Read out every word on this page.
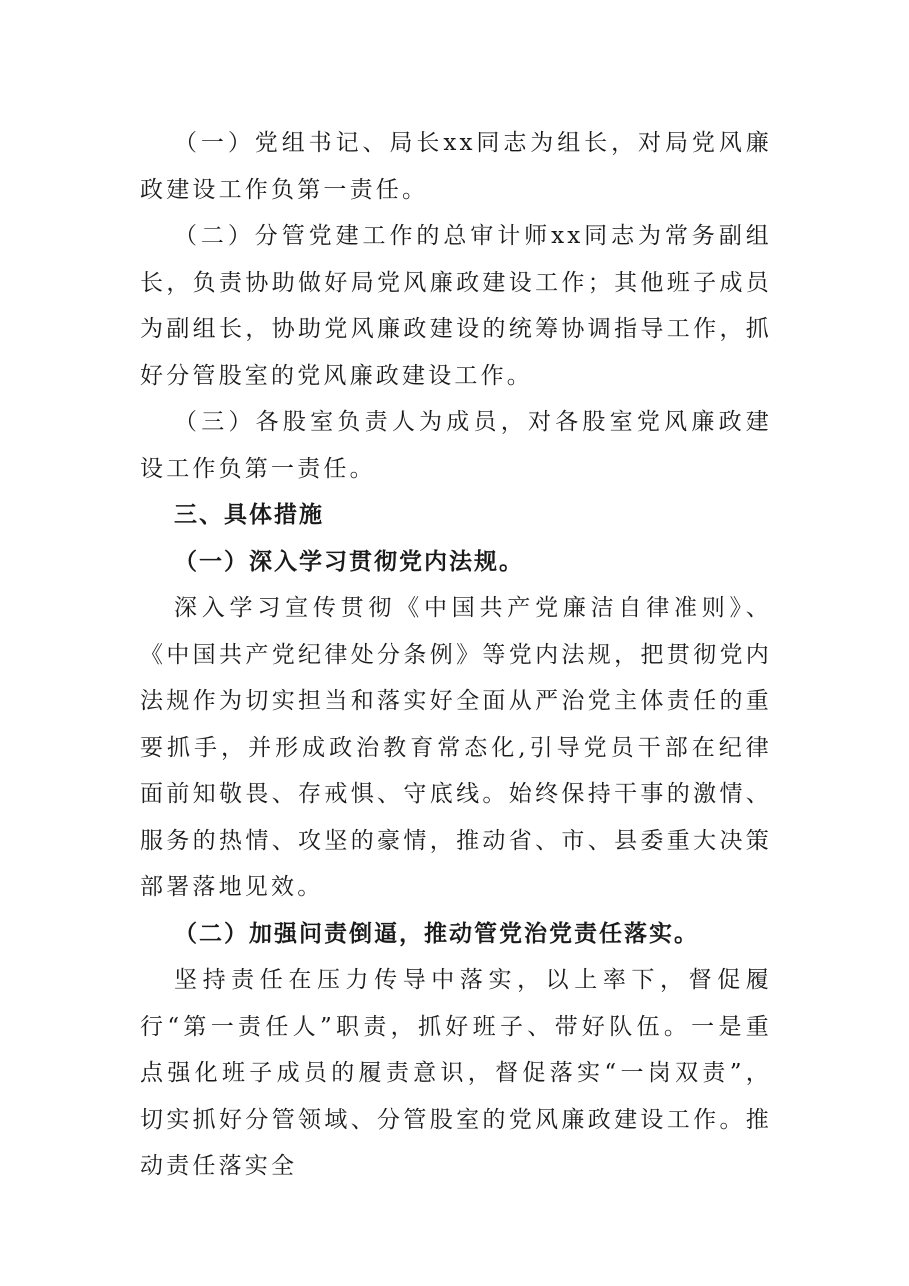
（一）党组书记、局长xx同志为组长，对局党风廉政建设工作负第一责任。

（二）分管党建工作的总审计师xx同志为常务副组长，负责协助做好局党风廉政建设工作；其他班子成员为副组长，协助党风廉政建设的统筹协调指导工作，抓好分管股室的党风廉政建设工作。

（三）各股室负责人为成员，对各股室党风廉政建设工作负第一责任。

三、具体措施

（一）深入学习贯彻党内法规。

深入学习宣传贯彻《中国共产党廉洁自律准则》、《中国共产党纪律处分条例》等党内法规，把贯彻党内法规作为切实担当和落实好全面从严治党主体责任的重要抓手，并形成政治教育常态化,引导党员干部在纪律面前知敬畏、存戒惧、守底线。始终保持干事的激情、服务的热情、攻坚的豪情，推动省、市、县委重大决策部署落地见效。

（二）加强问责倒逼，推动管党治党责任落实。

坚持责任在压力传导中落实，以上率下，督促履行“第一责任人”职责，抓好班子、带好队伍。一是重点强化班子成员的履责意识，督促落实“一岗双责”，切实抓好分管领域、分管股室的党风廉政建设工作。推动责任落实全
